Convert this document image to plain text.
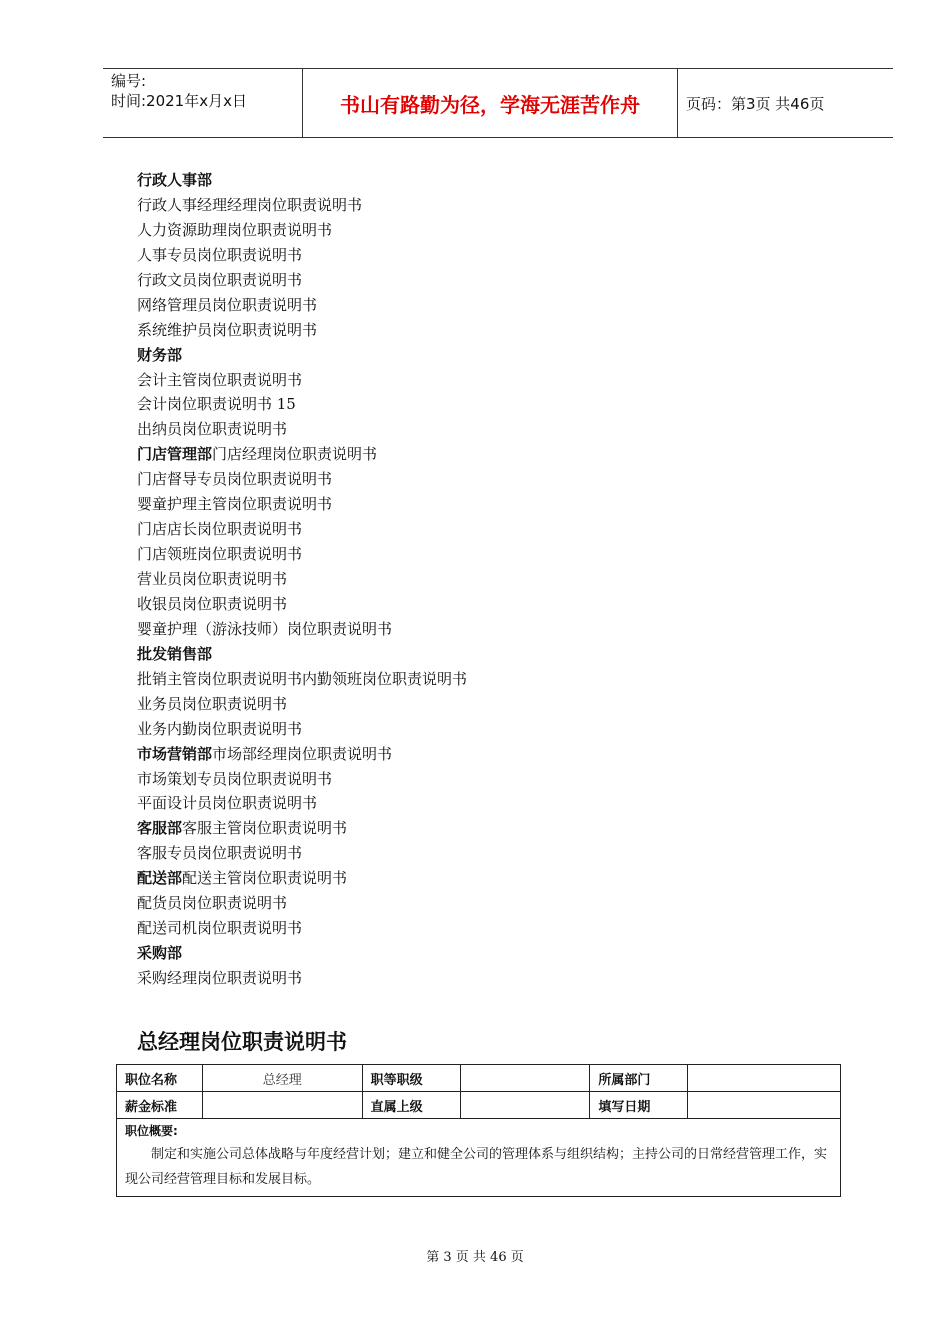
编号:
时间:2021年x月x日	书山有路勤为径，学海无涯苦作舟	页码：第3页 共46页
行政人事部
行政人事经理经理岗位职责说明书
人力资源助理岗位职责说明书
人事专员岗位职责说明书
行政文员岗位职责说明书
网络管理员岗位职责说明书
系统维护员岗位职责说明书
财务部
会计主管岗位职责说明书
会计岗位职责说明书 15
出纳员岗位职责说明书
门店管理部门店经理岗位职责说明书
门店督导专员岗位职责说明书
婴童护理主管岗位职责说明书
门店店长岗位职责说明书
门店领班岗位职责说明书
营业员岗位职责说明书
收银员岗位职责说明书
婴童护理（游泳技师）岗位职责说明书
批发销售部
批销主管岗位职责说明书内勤领班岗位职责说明书
业务员岗位职责说明书
业务内勤岗位职责说明书
市场营销部市场部经理岗位职责说明书
市场策划专员岗位职责说明书
平面设计员岗位职责说明书
客服部客服主管岗位职责说明书
客服专员岗位职责说明书
配送部配送主管岗位职责说明书
配货员岗位职责说明书
配送司机岗位职责说明书
采购部
采购经理岗位职责说明书
总经理岗位职责说明书
职位名称	总经理	职等职级		所属部门	
薪金标准		直属上级		填写日期	

职位概要:
制定和实施公司总体战略与年度经营计划；建立和健全公司的管理体系与组织结构；主持公司的日常经营管理工作，实现公司经营管理目标和发展目标。					
第 3 页 共 46 页
